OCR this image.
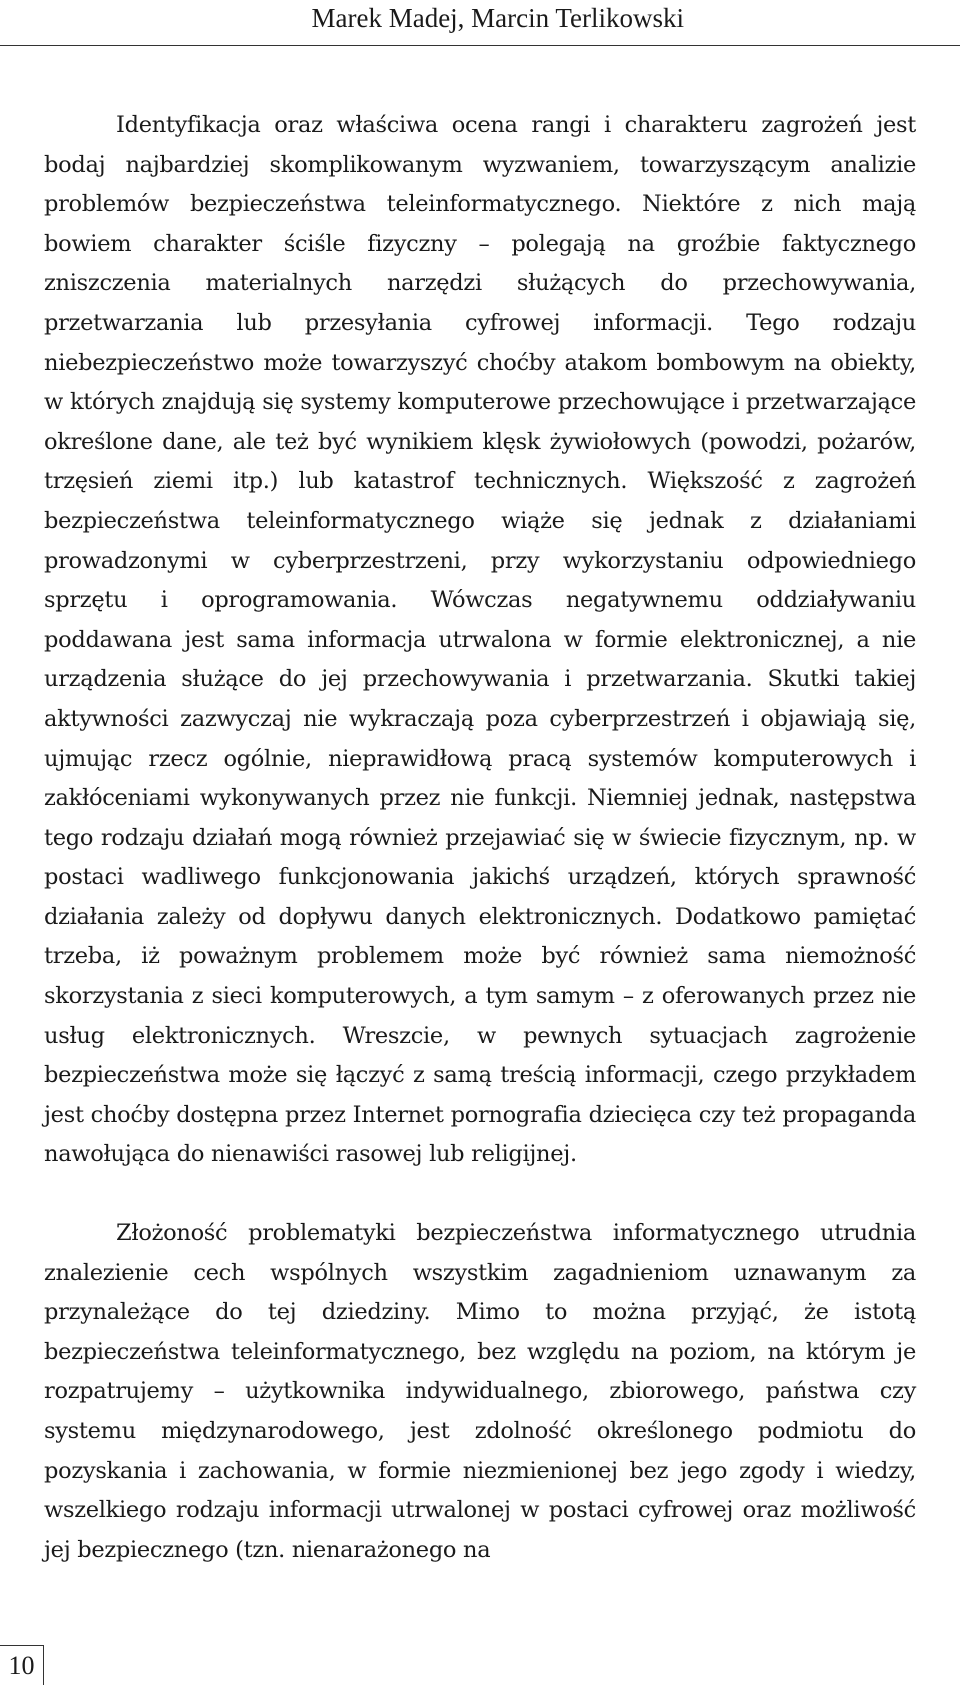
Marek Madej, Marcin Terlikowski

Identyfikacja oraz właściwa ocena rangi i charakteru zagrożeń jest bodaj najbardziej skomplikowanym wyzwaniem, towarzyszącym analizie problemów bezpieczeństwa teleinformatycznego. Niektóre z nich mają bowiem charakter ściśle fizyczny – polegają na groźbie faktycznego zniszczenia materialnych narzędzi służących do przechowywania, przetwarzania lub przesyłania cyfrowej informacji. Tego rodzaju niebezpieczeństwo może towarzyszyć choćby atakom bombowym na obiekty, w których znajdują się systemy komputerowe przechowujące i przetwarzające określone dane, ale też być wynikiem klęsk żywiołowych (powodzi, pożarów, trzęsień ziemi itp.) lub katastrof technicznych. Większość z zagrożeń bezpieczeństwa teleinformatycznego wiąże się jednak z działaniami prowadzonymi w cyberprzestrzeni, przy wykorzystaniu odpowiedniego sprzętu i oprogramowania. Wówczas negatywnemu oddziaływaniu poddawana jest sama informacja utrwalona w formie elektronicznej, a nie urządzenia służące do jej przechowywania i przetwarzania. Skutki takiej aktywności zazwyczaj nie wykraczają poza cyberprzestrzeń i objawiają się, ujmując rzecz ogólnie, nieprawidłową pracą systemów komputerowych i zakłóceniami wykonywanych przez nie funkcji. Niemniej jednak, następstwa tego rodzaju działań mogą również przejawiać się w świecie fizycznym, np. w postaci wadliwego funkcjonowania jakichś urządzeń, których sprawność działania zależy od dopływu danych elektronicznych. Dodatkowo pamiętać trzeba, iż poważnym problemem może być również sama niemożność skorzystania z sieci komputerowych, a tym samym – z oferowanych przez nie usług elektronicznych. Wreszcie, w pewnych sytuacjach zagrożenie bezpieczeństwa może się łączyć z samą treścią informacji, czego przykładem jest choćby dostępna przez Internet pornografia dziecięca czy też propaganda nawołująca do nienawiści rasowej lub religijnej.

Złożoność problematyki bezpieczeństwa informatycznego utrudnia znalezienie cech wspólnych wszystkim zagadnieniom uznawanym za przynależące do tej dziedziny. Mimo to można przyjąć, że istotą bezpieczeństwa teleinformatycznego, bez względu na poziom, na którym je rozpatrujemy – użytkownika indywidualnego, zbiorowego, państwa czy systemu międzynarodowego, jest zdolność określonego podmiotu do pozyskania i zachowania, w formie niezmienionej bez jego zgody i wiedzy, wszelkiego rodzaju informacji utrwalonej w postaci cyfrowej oraz możliwość jej bezpiecznego (tzn. nienarażonego na

10
